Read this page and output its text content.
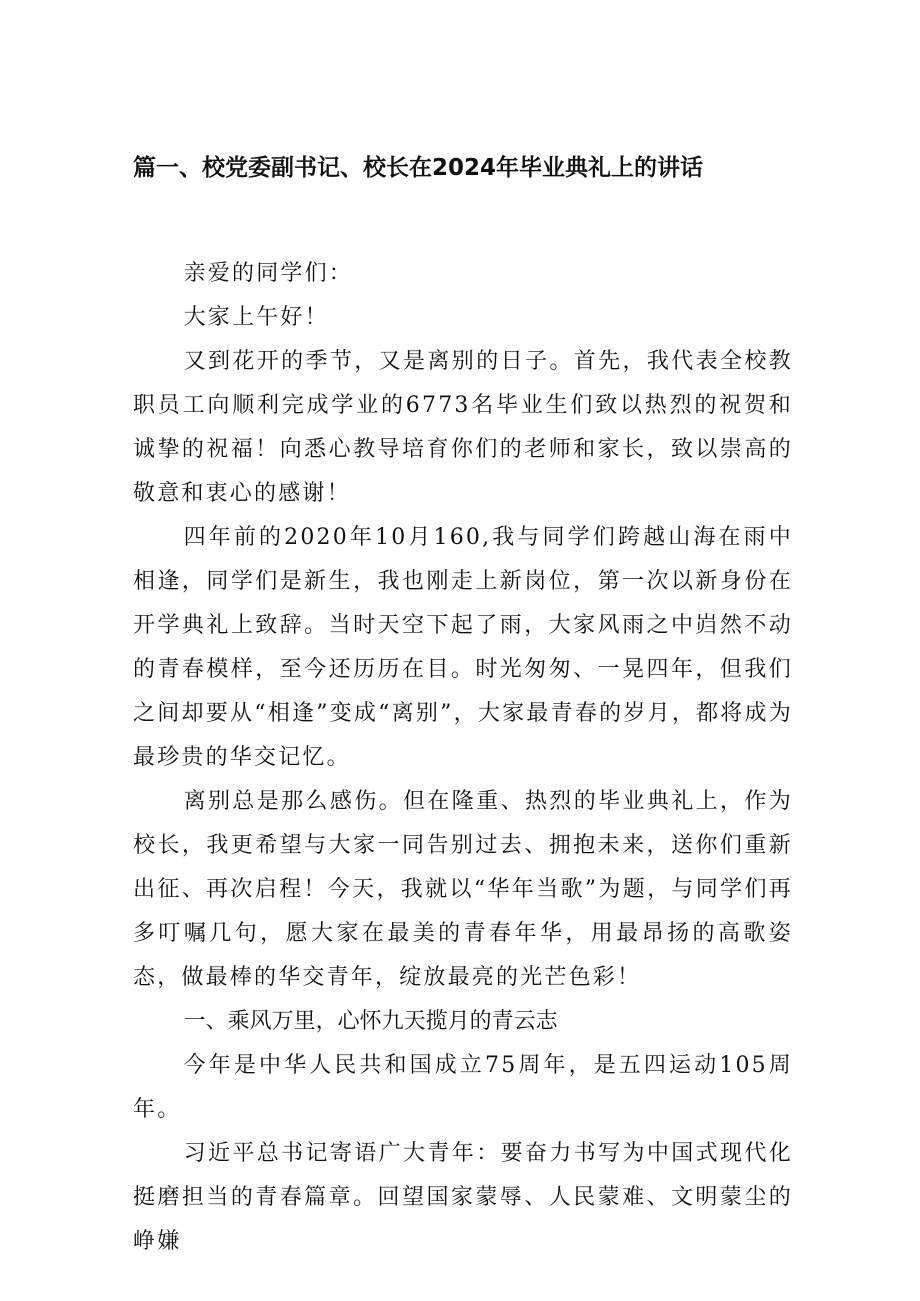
篇一、校党委副书记、校长在2024年毕业典礼上的讲话

亲爱的同学们：

大家上午好！

又到花开的季节，又是离别的日子。首先，我代表全校教职员工向顺利完成学业的6773名毕业生们致以热烈的祝贺和诚挚的祝福！向悉心教导培育你们的老师和家长，致以崇高的敬意和衷心的感谢！

四年前的2020年10月160,我与同学们跨越山海在雨中相逢，同学们是新生，我也刚走上新岗位，第一次以新身份在开学典礼上致辞。当时天空下起了雨，大家风雨之中岿然不动的青春模样，至今还历历在目。时光匆匆、一晃四年，但我们之间却要从“相逢”变成“离别”，大家最青春的岁月，都将成为最珍贵的华交记忆。

离别总是那么感伤。但在隆重、热烈的毕业典礼上，作为校长，我更希望与大家一同告别过去、拥抱未来，送你们重新出征、再次启程！今天，我就以“华年当歌”为题，与同学们再多叮嘱几句，愿大家在最美的青春年华，用最昂扬的高歌姿态，做最棒的华交青年，绽放最亮的光芒色彩！

一、乘风万里，心怀九天揽月的青云志

今年是中华人民共和国成立75周年，是五四运动105周年。

习近平总书记寄语广大青年：要奋力书写为中国式现代化挺磨担当的青春篇章。回望国家蒙辱、人民蒙难、文明蒙尘的峥嫌
